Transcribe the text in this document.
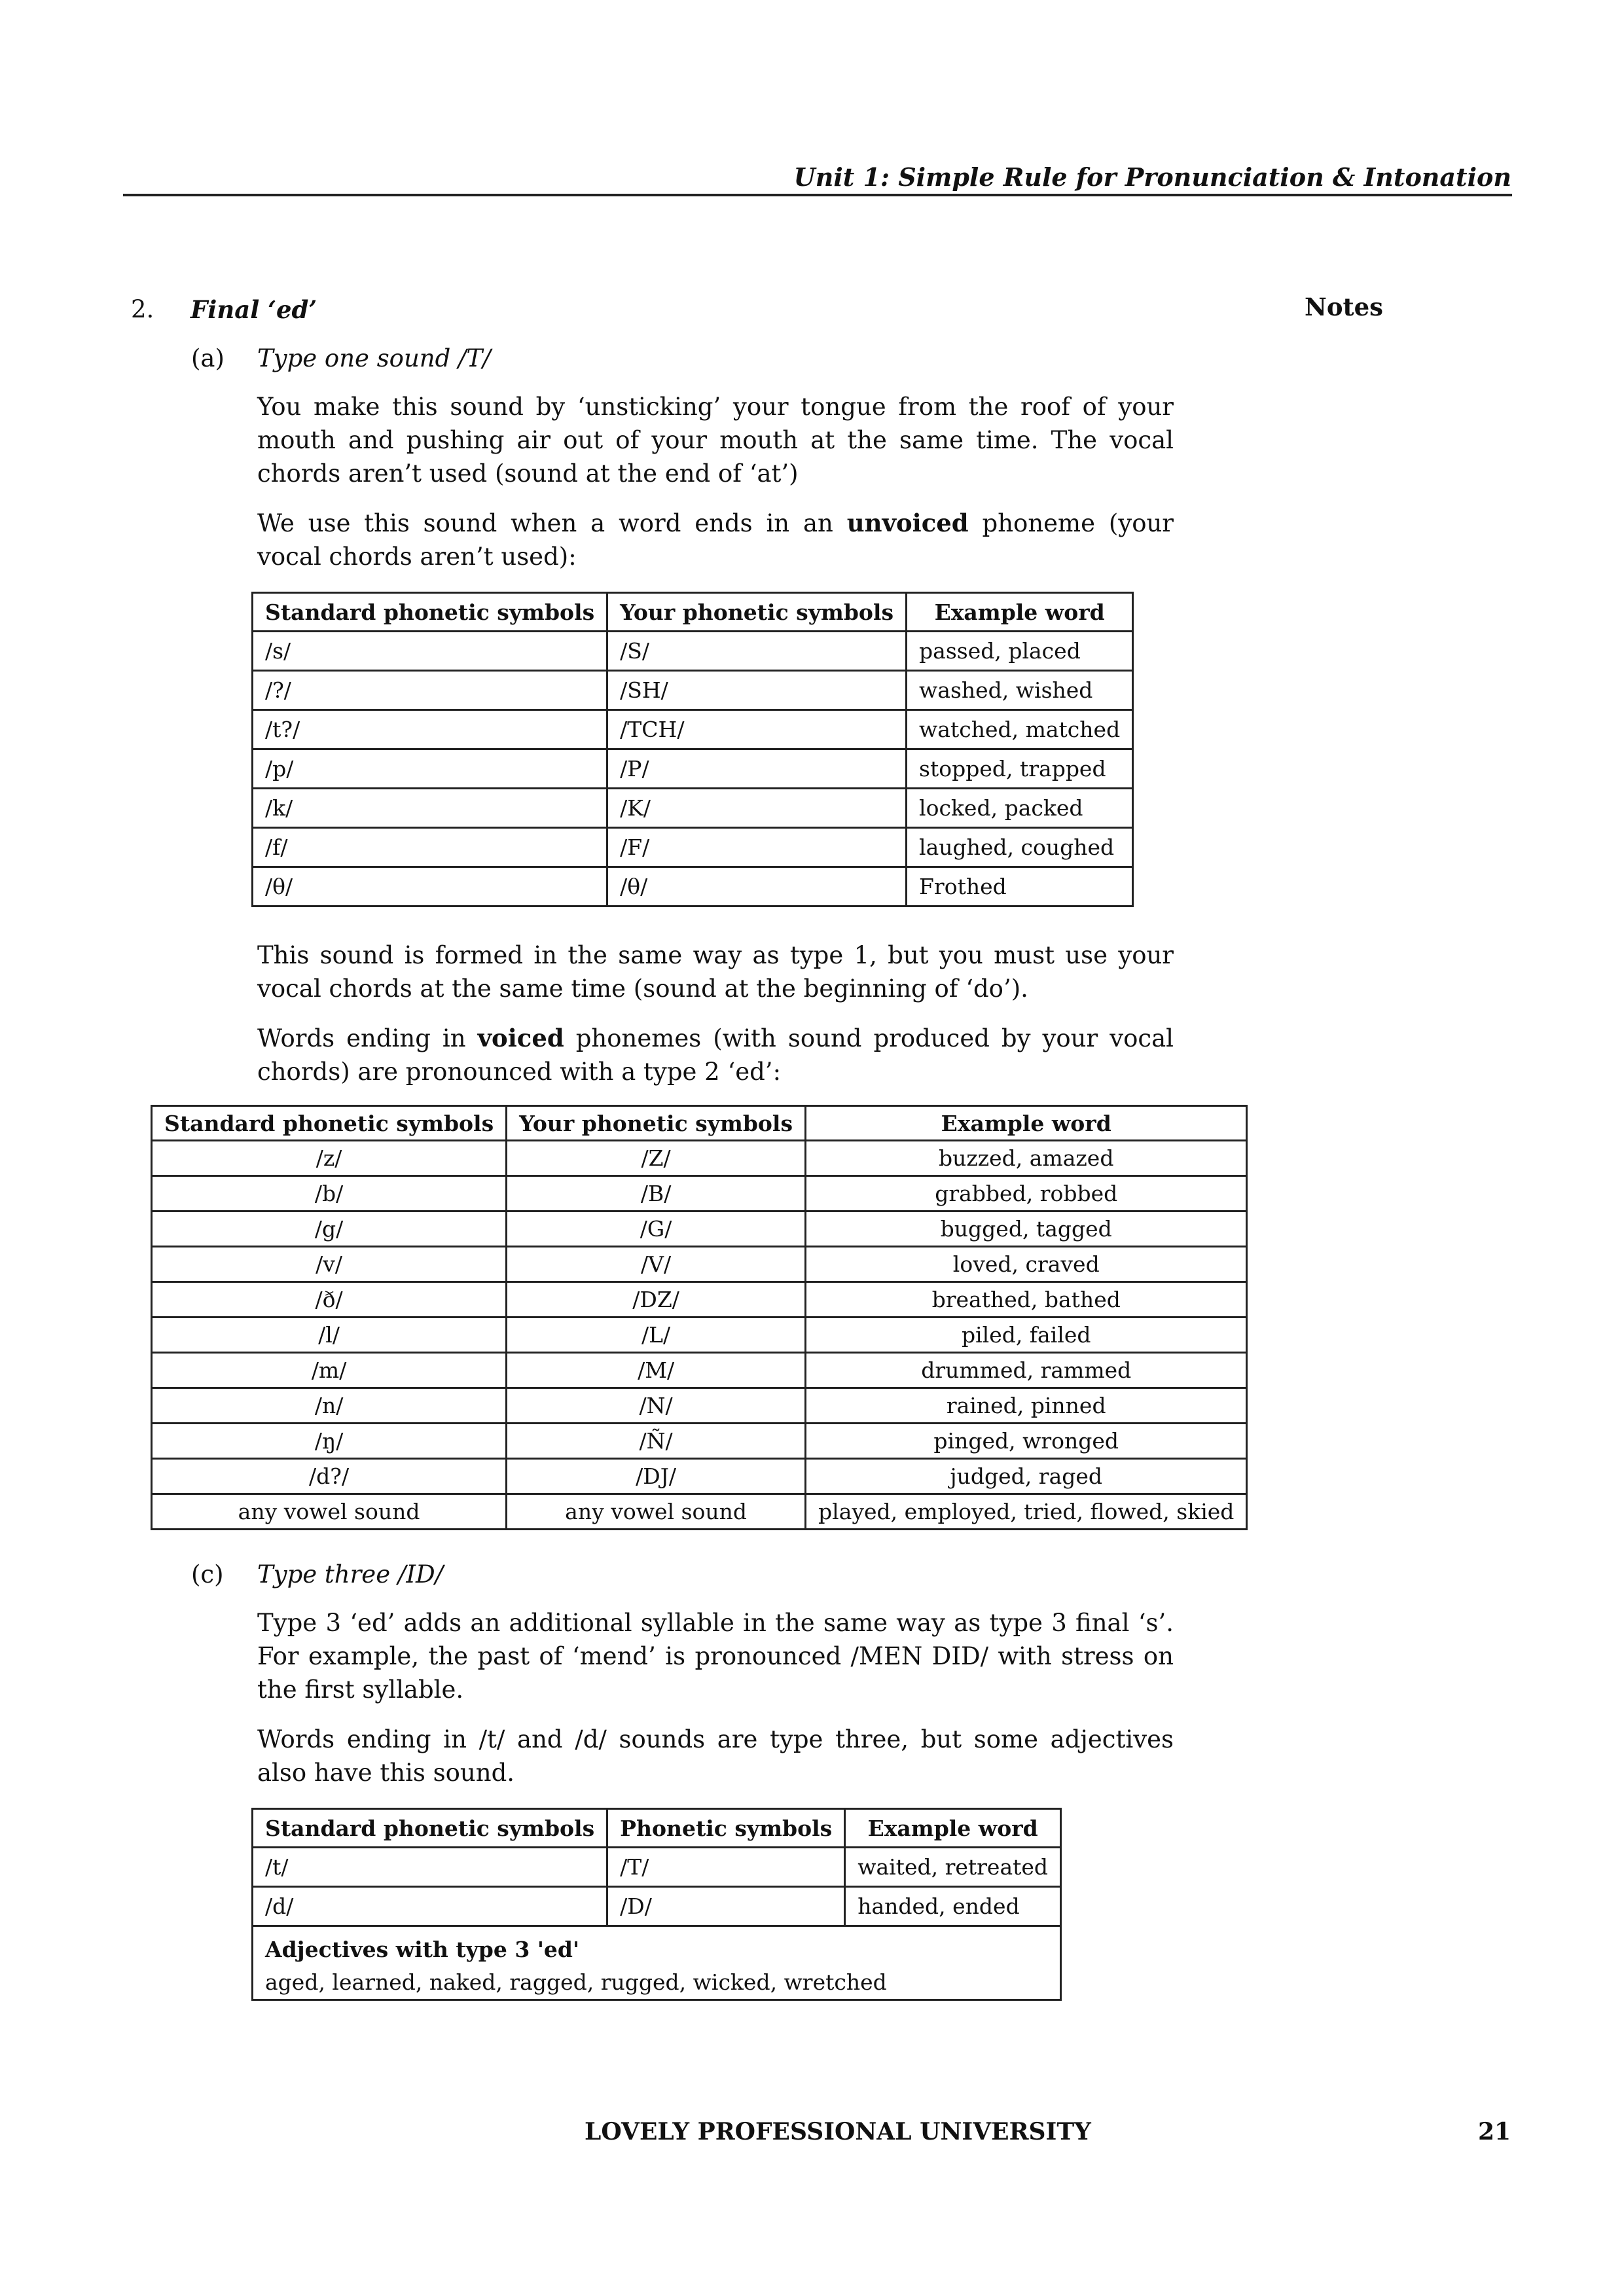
Unit 1: Simple Rule for Pronunciation & Intonation
Notes
2. Final ‘ed’
(a) Type one sound /T/

You make this sound by ‘unsticking’ your tongue from the roof of your mouth and pushing air out of your mouth at the same time. The vocal chords aren’t used (sound at the end of ‘at’)

We use this sound when a word ends in an unvoiced phoneme (your vocal chords aren’t used):

Standard phonetic symbols	Your phonetic symbols	Example word
/s/	/S/	passed, placed
/?/	/SH/	washed, wished
/t?/	/TCH/	watched, matched
/p/	/P/	stopped, trapped
/k/	/K/	locked, packed
/f/	/F/	laughed, coughed
/θ/	/θ/	Frothed

This sound is formed in the same way as type 1, but you must use your vocal chords at the same time (sound at the beginning of ‘do’).

Words ending in voiced phonemes (with sound produced by your vocal chords) are pronounced with a type 2 ‘ed’:

Standard phonetic symbols	Your phonetic symbols	Example word
/z/	/Z/	buzzed, amazed
/b/	/B/	grabbed, robbed
/g/	/G/	bugged, tagged
/v/	/V/	loved, craved
/ð/	/DZ/	breathed, bathed
/l/	/L/	piled, failed
/m/	/M/	drummed, rammed
/n/	/N/	rained, pinned
/ŋ/	/Ñ/	pinged, wronged
/d?/	/DJ/	judged, raged
any vowel sound	any vowel sound	played, employed, tried, flowed, skied
(c) Type three /ID/

Type 3 ‘ed’ adds an additional syllable in the same way as type 3 final ‘s’. For example, the past of ‘mend’ is pronounced /MEN DID/ with stress on the first syllable.

Words ending in /t/ and /d/ sounds are type three, but some adjectives also have this sound.

Standard phonetic symbols	Phonetic symbols	Example word
/t/	/T/	waited, retreated
/d/	/D/	handed, ended

Adjectives with type 3 'ed'
aged, learned, naked, ragged, rugged, wicked, wretched		
LOVELY PROFESSIONAL UNIVERSITY	21
